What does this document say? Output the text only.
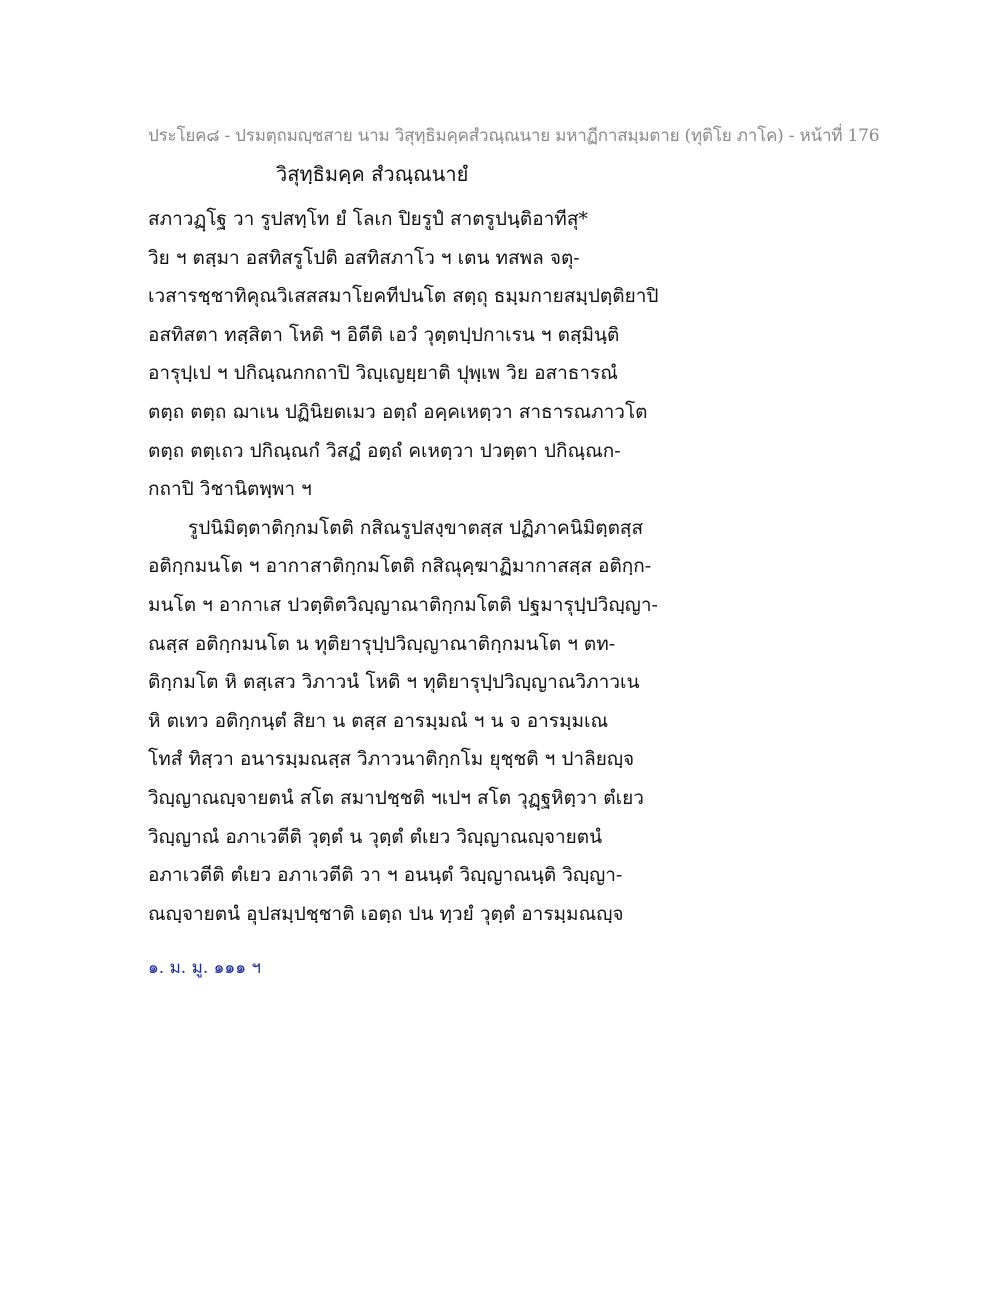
ประโยค๘ - ปรมตฺถมญฺชสาย นาม วิสุทฺธิมคฺคสํวณฺณนาย มหาฏีกาสมฺมตาย (ทุติโย ภาโค) - หน้าที่ 176
วิสุทฺธิมคฺค สํวณฺณนายํ
สภาวฏฺโฐ วา รูปสทฺโท ยํ โลเก ปิยรูปํ สาตรูปนฺติอาทีสุ*
วิย ฯ ตสฺมา อสทิสรูโปติ อสทิสภาโว ฯ เตน ทสพล จตุ-
เวสารชฺชาทิคุณวิเสสสมาโยคทีปนโต สตฺถุ ธมฺมกายสมฺปตฺติยาปิ
อสทิสตา ทสฺสิตา โหติ ฯ อิตีติ เอวํ วุตฺตปฺปกาเรน ฯ ตสฺมินฺติ
อารุปฺเป ฯ ปกิณฺณกกถาปิ วิญฺเญยฺยาติ ปุพฺเพ วิย อสาธารณํ
ตตฺถ ตตฺถ ฌาเน ปฏินิยตเมว อตฺถํ อคฺคเหตฺวา สาธารณภาวโต
ตตฺถ ตตฺเถว ปกิณฺณกํ วิสฏํ อตฺถํ คเหตฺวา ปวตฺตา ปกิณฺณก-
กถาปิ วิชานิตพฺพา ฯ
รูปนิมิตฺตาติกฺกมโตติ กสิณรูปสงฺขาตสฺส ปฏิภาคนิมิตฺตสฺส
อติกฺกมนโต ฯ อากาสาติกฺกมโตติ กสิณุคฺฆาฏิมากาสสฺส อติกฺก-
มนโต ฯ อากาเส ปวตฺติตวิญฺญาณาติกฺกมโตติ ปฐมารุปฺปวิญฺญา-
ณสฺส อติกฺกมนโต น ทุติยารุปฺปวิญฺญาณาติกฺกมนโต ฯ ตท-
ติกฺกมโต หิ ตสฺเสว วิภาวนํ โหติ ฯ ทุติยารุปฺปวิญฺญาณวิภาวเน
หิ ตเทว อติกฺกนฺตํ สิยา น ตสฺส อารมฺมณํ ฯ น จ อารมฺมเณ
โทสํ ทิสฺวา อนารมฺมณสฺส วิภาวนาติกฺกโม ยุชฺชติ ฯ ปาลิยญฺจ
วิญฺญาณญฺจายตนํ สโต สมาปชฺชติ ฯเปฯ สโต วุฏฺฐหิตฺวา ตํเยว
วิญฺญาณํ อภาเวตีติ วุตฺตํ น วุตฺตํ ตํเยว วิญฺญาณญฺจายตนํ
อภาเวตีติ ตํเยว อภาเวตีติ วา ฯ อนนฺตํ วิญฺญาณนฺติ วิญฺญา-
ณญฺจายตนํ อุปสมฺปชฺชาติ เอตฺถ ปน ทฺวยํ วุตฺตํ อารมฺมณญฺจ
๑. ม. มู. ๑๑๑ ฯ
